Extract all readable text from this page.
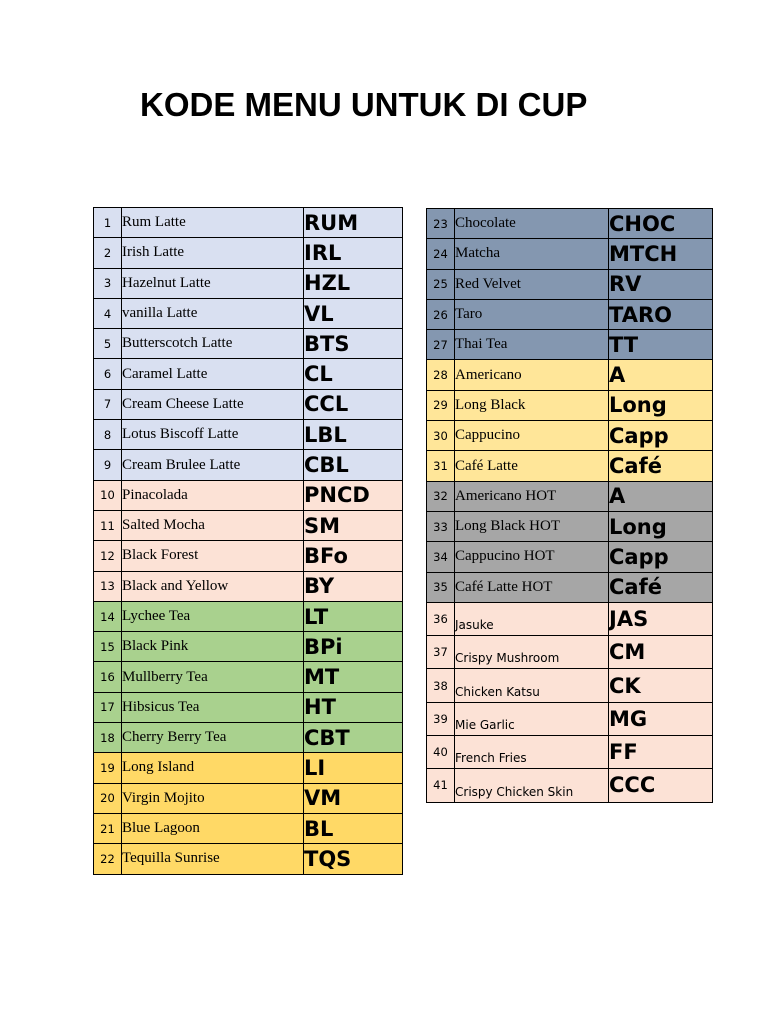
KODE MENU UNTUK DI CUP
1	Rum Latte	RUM
2	Irish Latte	IRL
3	Hazelnut Latte	HZL
4	vanilla Latte	VL
5	Butterscotch Latte	BTS
6	Caramel Latte	CL
7	Cream Cheese Latte	CCL
8	Lotus Biscoff Latte	LBL
9	Cream Brulee Latte	CBL
10	Pinacolada	PNCD
11	Salted Mocha	SM
12	Black Forest	BFo
13	Black and Yellow	BY
14	Lychee Tea	LT
15	Black Pink	BPi
16	Mullberry Tea	MT
17	Hibsicus Tea	HT
18	Cherry Berry Tea	CBT
19	Long Island	LI
20	Virgin Mojito	VM
21	Blue Lagoon	BL
22	Tequilla Sunrise	TQS
23	Chocolate	CHOC
24	Matcha	MTCH
25	Red Velvet	RV
26	Taro	TARO
27	Thai Tea	TT
28	Americano	A
29	Long Black	Long
30	Cappucino	Capp
31	Café Latte	Café
32	Americano HOT	A
33	Long Black HOT	Long
34	Cappucino HOT	Capp
35	Café Latte HOT	Café
36	Jasuke	JAS
37	Crispy Mushroom	CM
38	Chicken Katsu	CK
39	Mie Garlic	MG
40	French Fries	FF
41	Crispy Chicken Skin	CCC
